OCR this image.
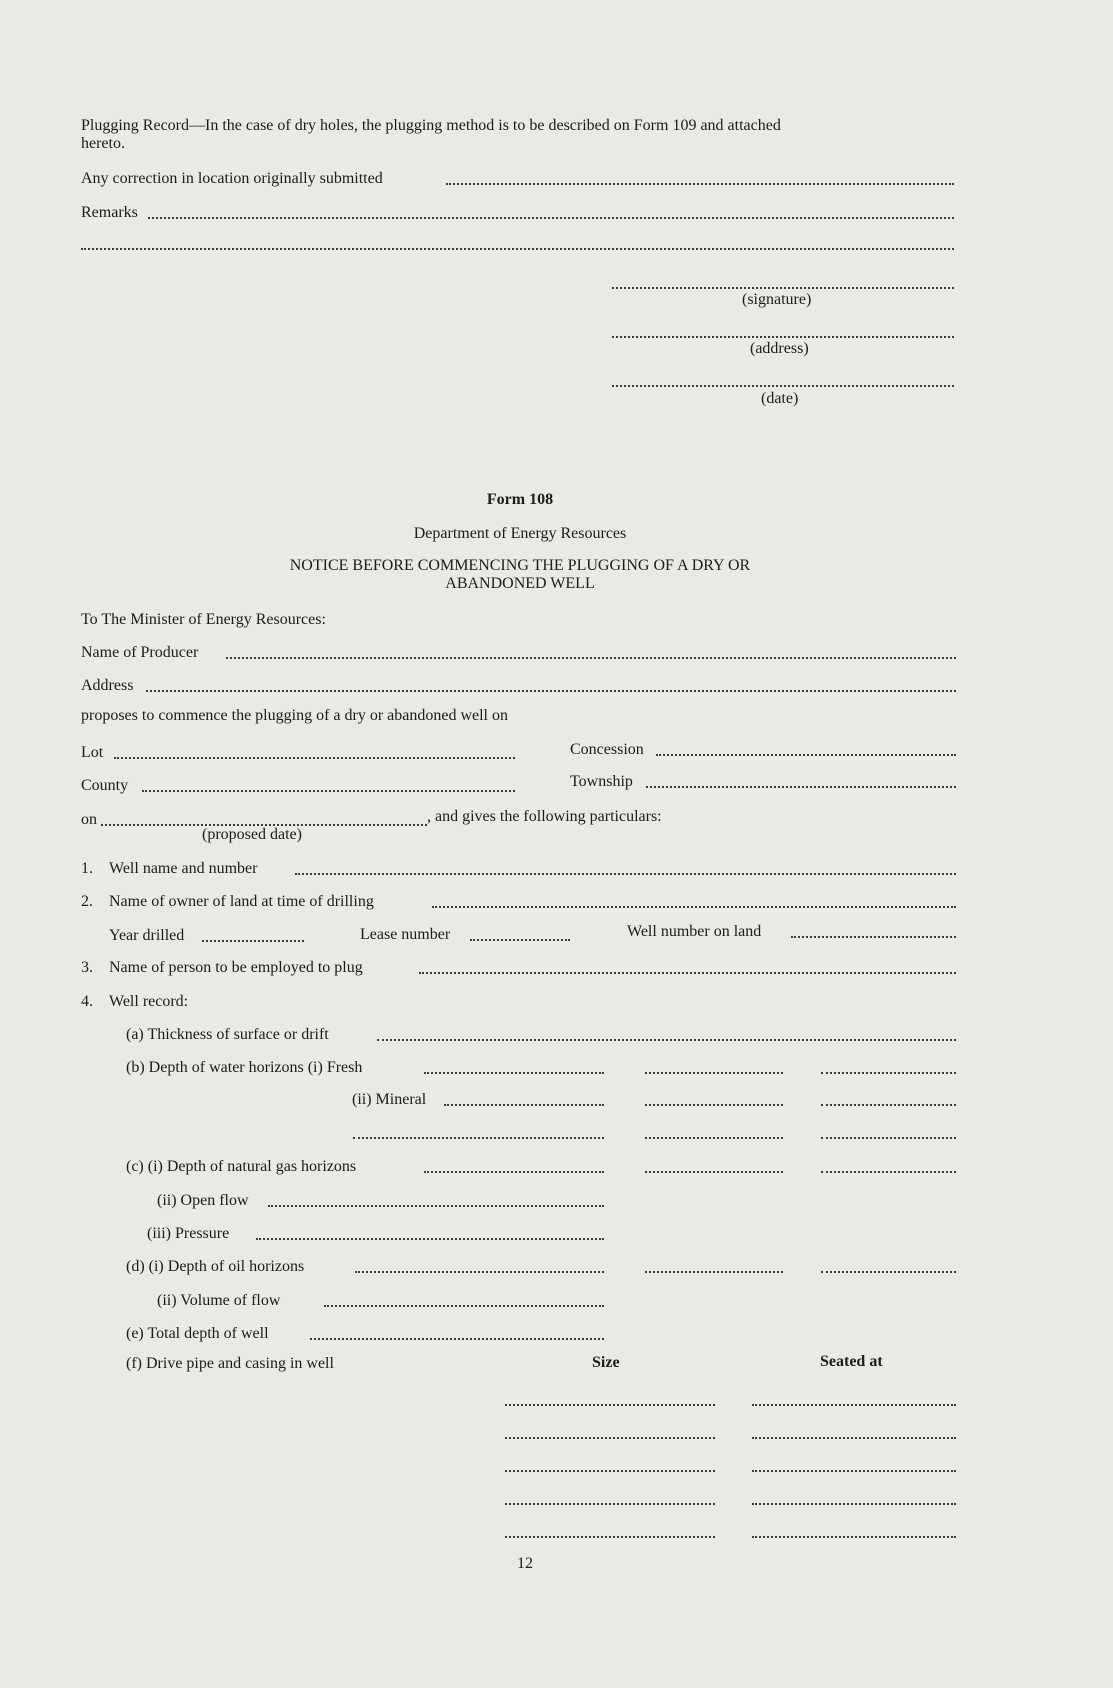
Plugging Record—In the case of dry holes, the plugging method is to be described on Form 109 and attached
hereto.
Any correction in location originally submitted
Remarks
(signature)
(address)
(date)
Form 108
Department of Energy Resources
NOTICE BEFORE COMMENCING THE PLUGGING OF A DRY OR
ABANDONED WELL
To The Minister of Energy Resources:
Name of Producer
Address
proposes to commence the plugging of a dry or abandoned well on
Lot	Concession
County	Township
on	, and gives the following particulars:
(proposed date)
1. Well name and number
2. Name of owner of land at time of drilling
Year drilled	Lease number	Well number on land
3. Name of person to be employed to plug
4. Well record:
(a) Thickness of surface or drift
(b) Depth of water horizons (i) Fresh
(ii) Mineral
(c) (i) Depth of natural gas horizons
(ii) Open flow
(iii) Pressure
(d) (i) Depth of oil horizons
(ii) Volume of flow
(e) Total depth of well
(f) Drive pipe and casing in well	Size	Seated at
12
